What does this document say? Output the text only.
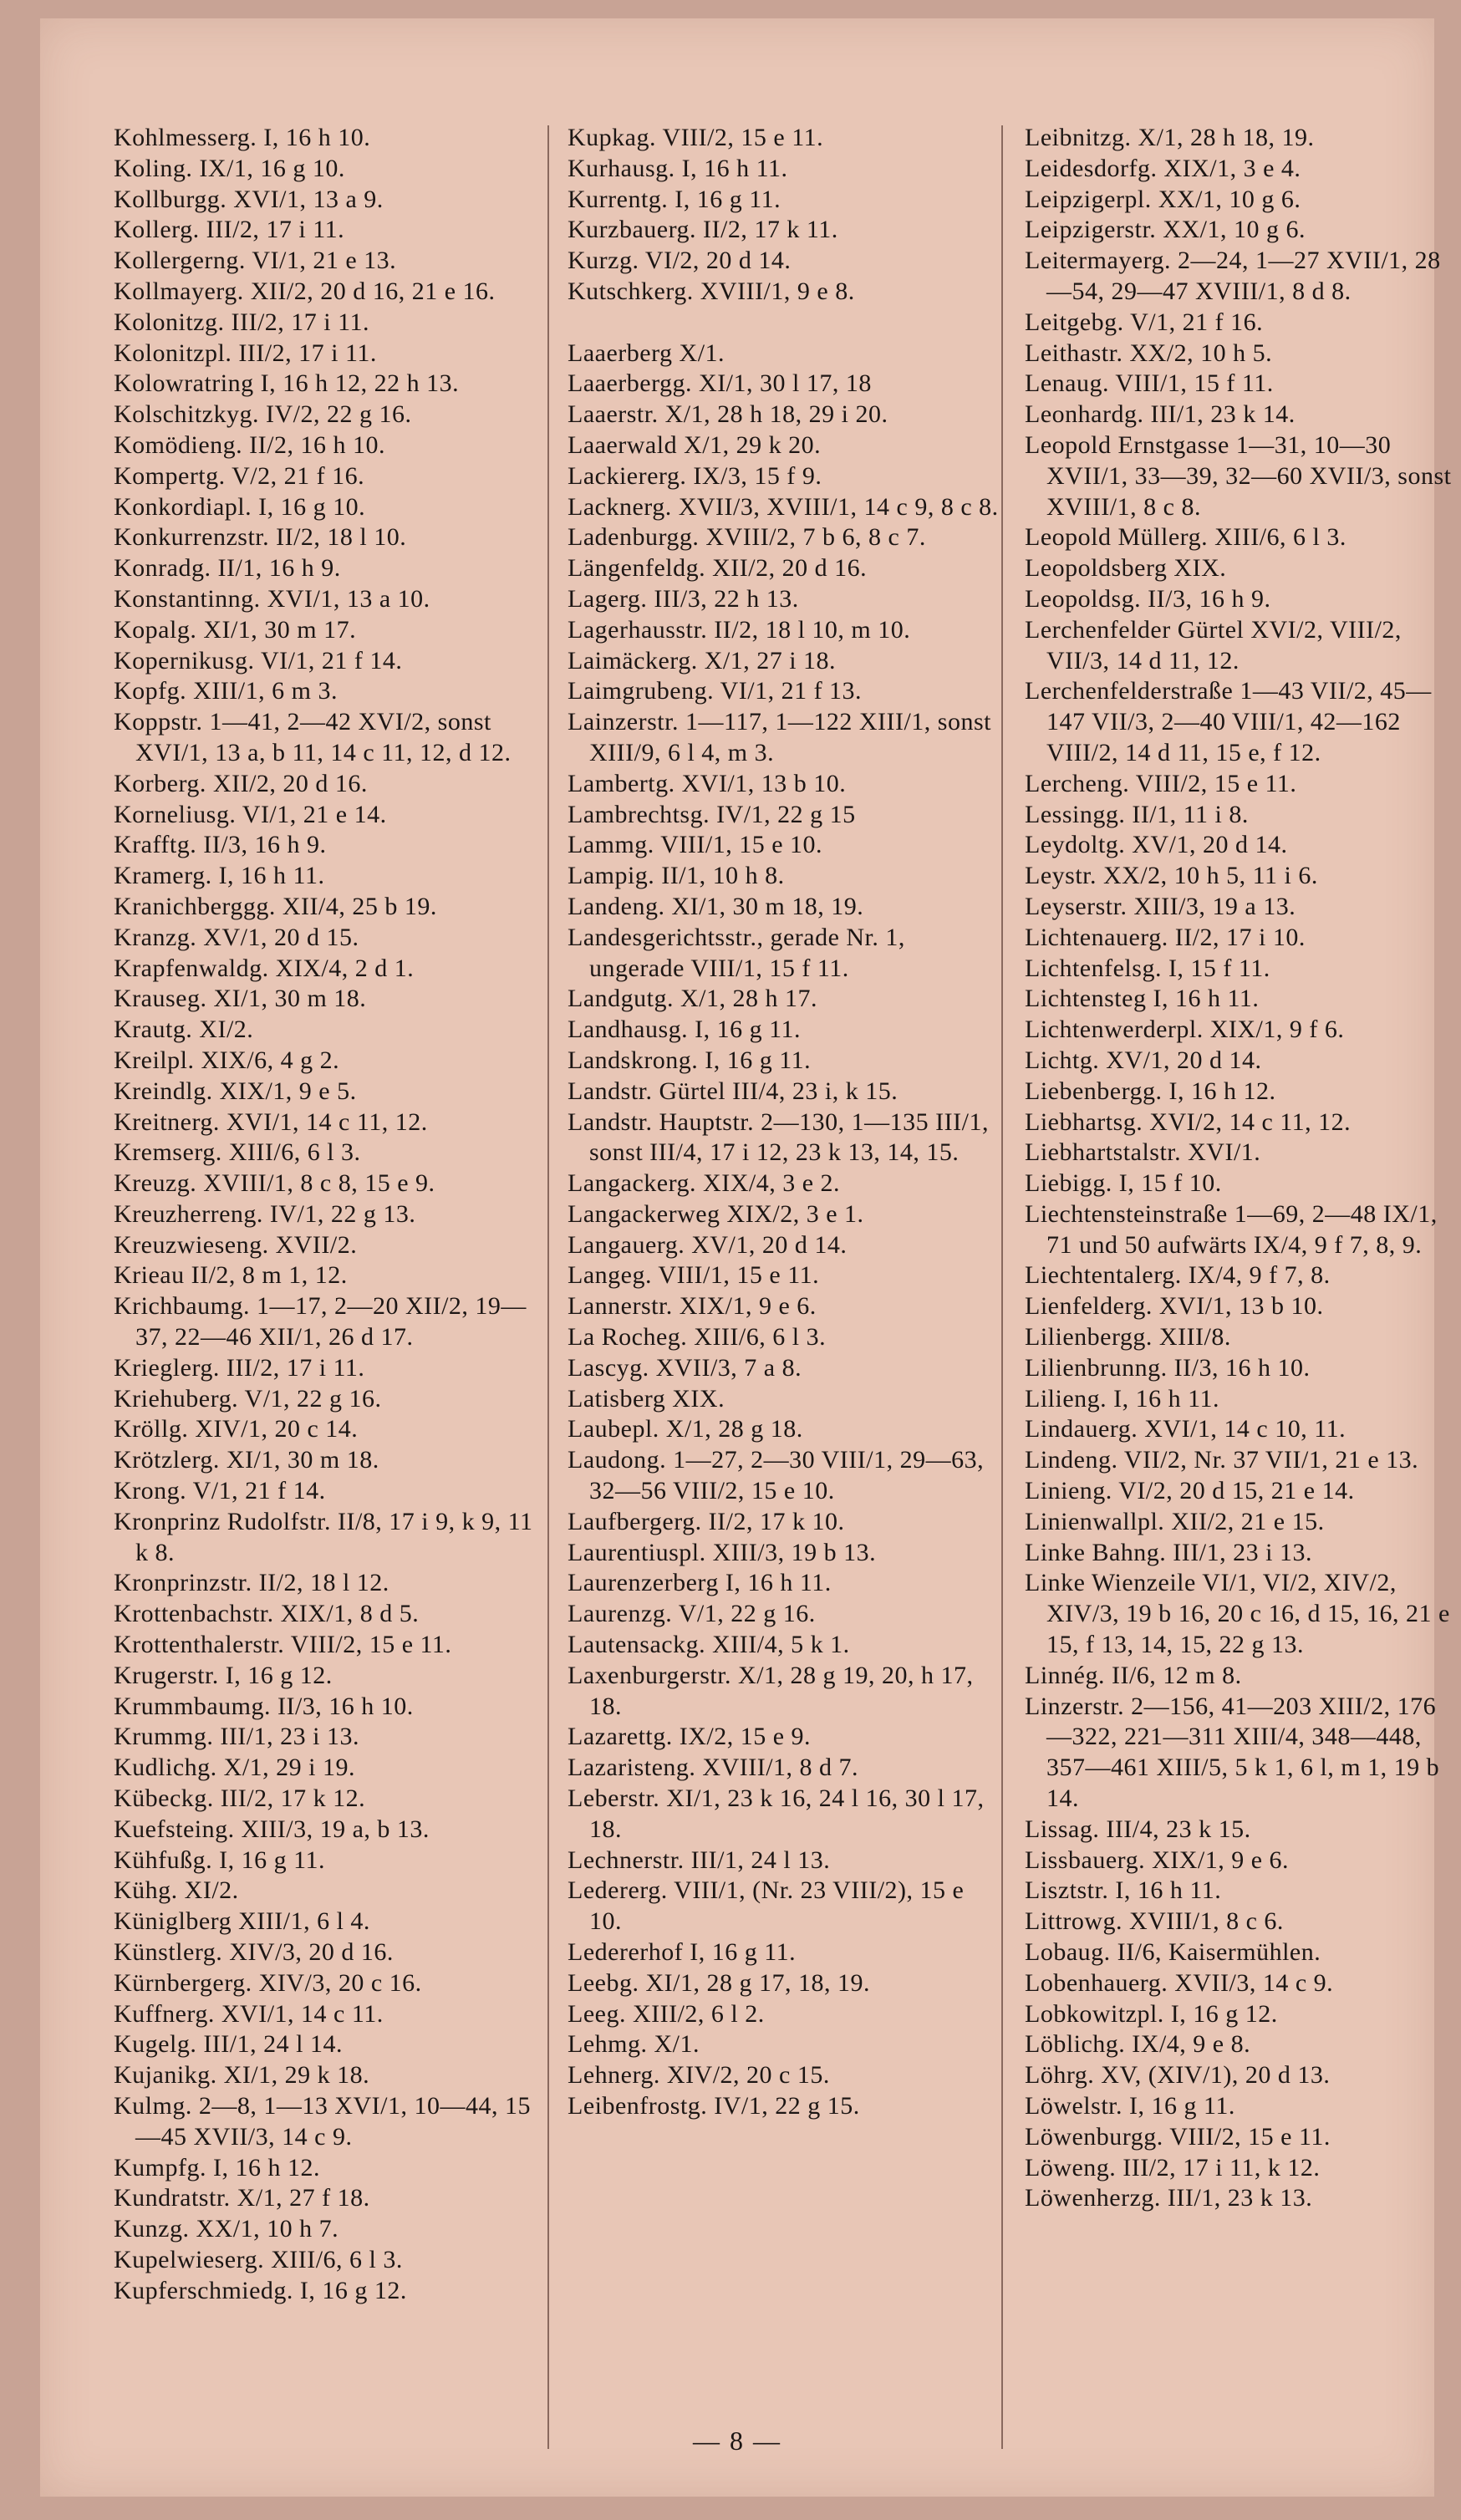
Kohlmesserg. I, 16 h 10.

Koling. IX/1, 16 g 10.

Kollburgg. XVI/1, 13 a 9.

Kollerg. III/2, 17 i 11.

Kollergerng. VI/1, 21 e 13.

Kollmayerg. XII/2, 20 d 16, 21 e 16.

Kolonitzg. III/2, 17 i 11.

Kolonitzpl. III/2, 17 i 11.

Kolowratring I, 16 h 12, 22 h 13.

Kolschitzkyg. IV/2, 22 g 16.

Komödieng. II/2, 16 h 10.

Kompertg. V/2, 21 f 16.

Konkordiapl. I, 16 g 10.

Konkurrenzstr. II/2, 18 l 10.

Konradg. II/1, 16 h 9.

Konstantinng. XVI/1, 13 a 10.

Kopalg. XI/1, 30 m 17.

Kopernikusg. VI/1, 21 f 14.

Kopfg. XIII/1, 6 m 3.

Koppstr. 1—41, 2—42 XVI/2, sonst XVI/1, 13 a, b 11, 14 c 11, 12, d 12.

Korberg. XII/2, 20 d 16.

Korneliusg. VI/1, 21 e 14.

Krafftg. II/3, 16 h 9.

Kramerg. I, 16 h 11.

Kranichberggg. XII/4, 25 b 19.

Kranzg. XV/1, 20 d 15.

Krapfenwaldg. XIX/4, 2 d 1.

Krauseg. XI/1, 30 m 18.

Krautg. XI/2.

Kreilpl. XIX/6, 4 g 2.

Kreindlg. XIX/1, 9 e 5.

Kreitnerg. XVI/1, 14 c 11, 12.

Kremserg. XIII/6, 6 l 3.

Kreuzg. XVIII/1, 8 c 8, 15 e 9.

Kreuzherreng. IV/1, 22 g 13.

Kreuzwieseng. XVII/2.

Krieau II/2, 8 m 1, 12.

Krichbaumg. 1—17, 2—20 XII/2, 19—37, 22—46 XII/1, 26 d 17.

Krieglerg. III/2, 17 i 11.

Kriehuberg. V/1, 22 g 16.

Kröllg. XIV/1, 20 c 14.

Krötzlerg. XI/1, 30 m 18.

Krong. V/1, 21 f 14.

Kronprinz Rudolfstr. II/8, 17 i 9, k 9, 11 k 8.

Kronprinzstr. II/2, 18 l 12.

Krottenbachstr. XIX/1, 8 d 5.

Krottenthalerstr. VIII/2, 15 e 11.

Krugerstr. I, 16 g 12.

Krummbaumg. II/3, 16 h 10.

Krummg. III/1, 23 i 13.

Kudlichg. X/1, 29 i 19.

Kübeckg. III/2, 17 k 12.

Kuefsteing. XIII/3, 19 a, b 13.

Kühfußg. I, 16 g 11.

Kühg. XI/2.

Küniglberg XIII/1, 6 l 4.

Künstlerg. XIV/3, 20 d 16.

Kürnbergerg. XIV/3, 20 c 16.

Kuffnerg. XVI/1, 14 c 11.

Kugelg. III/1, 24 l 14.

Kujanikg. XI/1, 29 k 18.

Kulmg. 2—8, 1—13 XVI/1, 10—44, 15—45 XVII/3, 14 c 9.

Kumpfg. I, 16 h 12.

Kundratstr. X/1, 27 f 18.

Kunzg. XX/1, 10 h 7.

Kupelwieserg. XIII/6, 6 l 3.

Kupferschmiedg. I, 16 g 12.

Kupkag. VIII/2, 15 e 11.

Kurhausg. I, 16 h 11.

Kurrentg. I, 16 g 11.

Kurzbauerg. II/2, 17 k 11.

Kurzg. VI/2, 20 d 14.

Kutschkerg. XVIII/1, 9 e 8.

Laaerberg X/1.

Laaerbergg. XI/1, 30 l 17, 18

Laaerstr. X/1, 28 h 18, 29 i 20.

Laaerwald X/1, 29 k 20.

Lackiererg. IX/3, 15 f 9.

Lacknerg. XVII/3, XVIII/1, 14 c 9, 8 c 8.

Ladenburgg. XVIII/2, 7 b 6, 8 c 7.

Längenfeldg. XII/2, 20 d 16.

Lagerg. III/3, 22 h 13.

Lagerhausstr. II/2, 18 l 10, m 10.

Laimäckerg. X/1, 27 i 18.

Laimgrubeng. VI/1, 21 f 13.

Lainzerstr. 1—117, 1—122 XIII/1, sonst XIII/9, 6 l 4, m 3.

Lambertg. XVI/1, 13 b 10.

Lambrechtsg. IV/1, 22 g 15

Lammg. VIII/1, 15 e 10.

Lampig. II/1, 10 h 8.

Landeng. XI/1, 30 m 18, 19.

Landesgerichtsstr., gerade Nr. 1, ungerade VIII/1, 15 f 11.

Landgutg. X/1, 28 h 17.

Landhausg. I, 16 g 11.

Landskrong. I, 16 g 11.

Landstr. Gürtel III/4, 23 i, k 15.

Landstr. Hauptstr. 2—130, 1—135 III/1, sonst III/4, 17 i 12, 23 k 13, 14, 15.

Langackerg. XIX/4, 3 e 2.

Langackerweg XIX/2, 3 e 1.

Langauerg. XV/1, 20 d 14.

Langeg. VIII/1, 15 e 11.

Lannerstr. XIX/1, 9 e 6.

La Rocheg. XIII/6, 6 l 3.

Lascyg. XVII/3, 7 a 8.

Latisberg XIX.

Laubepl. X/1, 28 g 18.

Laudong. 1—27, 2—30 VIII/1, 29—63, 32—56 VIII/2, 15 e 10.

Laufbergerg. II/2, 17 k 10.

Laurentiuspl. XIII/3, 19 b 13.

Laurenzerberg I, 16 h 11.

Laurenzg. V/1, 22 g 16.

Lautensackg. XIII/4, 5 k 1.

Laxenburgerstr. X/1, 28 g 19, 20, h 17, 18.

Lazarettg. IX/2, 15 e 9.

Lazaristeng. XVIII/1, 8 d 7.

Leberstr. XI/1, 23 k 16, 24 l 16, 30 l 17, 18.

Lechnerstr. III/1, 24 l 13.

Ledererg. VIII/1, (Nr. 23 VIII/2), 15 e 10.

Ledererhof I, 16 g 11.

Leebg. XI/1, 28 g 17, 18, 19.

Leeg. XIII/2, 6 l 2.

Lehmg. X/1.

Lehnerg. XIV/2, 20 c 15.

Leibenfrostg. IV/1, 22 g 15.

Leibnitzg. X/1, 28 h 18, 19.

Leidesdorfg. XIX/1, 3 e 4.

Leipzigerpl. XX/1, 10 g 6.

Leipzigerstr. XX/1, 10 g 6.

Leitermayerg. 2—24, 1—27 XVII/1, 28—54, 29—47 XVIII/1, 8 d 8.

Leitgebg. V/1, 21 f 16.

Leithastr. XX/2, 10 h 5.

Lenaug. VIII/1, 15 f 11.

Leonhardg. III/1, 23 k 14.

Leopold Ernstgasse 1—31, 10—30 XVII/1, 33—39, 32—60 XVII/3, sonst XVIII/1, 8 c 8.

Leopold Müllerg. XIII/6, 6 l 3.

Leopoldsberg XIX.

Leopoldsg. II/3, 16 h 9.

Lerchenfelder Gürtel XVI/2, VIII/2, VII/3, 14 d 11, 12.

Lerchenfelderstraße 1—43 VII/2, 45—147 VII/3, 2—40 VIII/1, 42—162 VIII/2, 14 d 11, 15 e, f 12.

Lercheng. VIII/2, 15 e 11.

Lessingg. II/1, 11 i 8.

Leydoltg. XV/1, 20 d 14.

Leystr. XX/2, 10 h 5, 11 i 6.

Leyserstr. XIII/3, 19 a 13.

Lichtenauerg. II/2, 17 i 10.

Lichtenfelsg. I, 15 f 11.

Lichtensteg I, 16 h 11.

Lichtenwerderpl. XIX/1, 9 f 6.

Lichtg. XV/1, 20 d 14.

Liebenbergg. I, 16 h 12.

Liebhartsg. XVI/2, 14 c 11, 12.

Liebhartstalstr. XVI/1.

Liebigg. I, 15 f 10.

Liechtensteinstraße 1—69, 2—48 IX/1, 71 und 50 aufwärts IX/4, 9 f 7, 8, 9.

Liechtentalerg. IX/4, 9 f 7, 8.

Lienfelderg. XVI/1, 13 b 10.

Lilienbergg. XIII/8.

Lilienbrunng. II/3, 16 h 10.

Lilieng. I, 16 h 11.

Lindauerg. XVI/1, 14 c 10, 11.

Lindeng. VII/2, Nr. 37 VII/1, 21 e 13.

Linieng. VI/2, 20 d 15, 21 e 14.

Linienwallpl. XII/2, 21 e 15.

Linke Bahng. III/1, 23 i 13.

Linke Wienzeile VI/1, VI/2, XIV/2, XIV/3, 19 b 16, 20 c 16, d 15, 16, 21 e 15, f 13, 14, 15, 22 g 13.

Linnég. II/6, 12 m 8.

Linzerstr. 2—156, 41—203 XIII/2, 176—322, 221—311 XIII/4, 348—448, 357—461 XIII/5, 5 k 1, 6 l, m 1, 19 b 14.

Lissag. III/4, 23 k 15.

Lissbauerg. XIX/1, 9 e 6.

Lisztstr. I, 16 h 11.

Littrowg. XVIII/1, 8 c 6.

Lobaug. II/6, Kaisermühlen.

Lobenhauerg. XVII/3, 14 c 9.

Lobkowitzpl. I, 16 g 12.

Löblichg. IX/4, 9 e 8.

Löhrg. XV, (XIV/1), 20 d 13.

Löwelstr. I, 16 g 11.

Löwenburgg. VIII/2, 15 e 11.

Löweng. III/2, 17 i 11, k 12.

Löwenherzg. III/1, 23 k 13.

— 8 —
